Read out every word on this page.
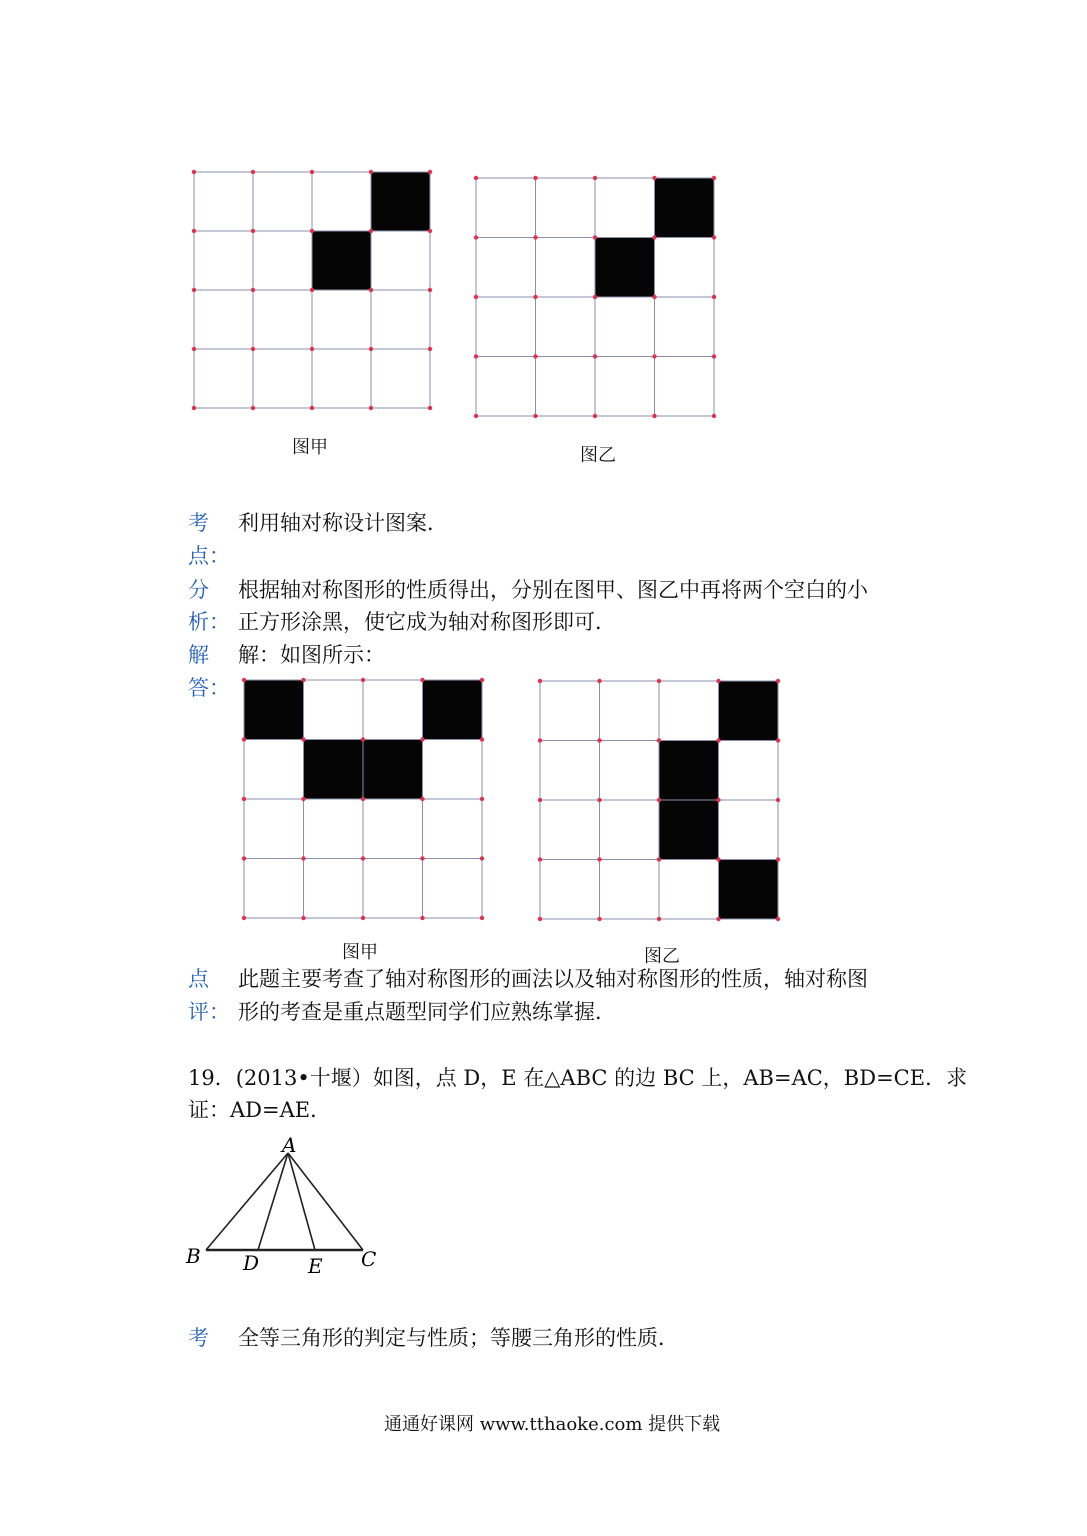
图甲	图乙
考
点：
利用轴对称设计图案．
分
析：
根据轴对称图形的性质得出，分别在图甲、图乙中再将两个空白的小
正方形涂黑，使它成为轴对称图形即可．
解
答：
解：如图所示：
图甲	图乙
点
评：
此题主要考查了轴对称图形的画法以及轴对称图形的性质，轴对称图
形的考查是重点题型同学们应熟练掌握．
19．(2013•十堰）如图，点 D，E 在△ABC 的边 BC 上，AB=AC，BD=CE．求
证：AD=AE．
A
B D E C
考 全等三角形的判定与性质；等腰三角形的性质．
通通好课网 www.tthaoke.com 提供下载
